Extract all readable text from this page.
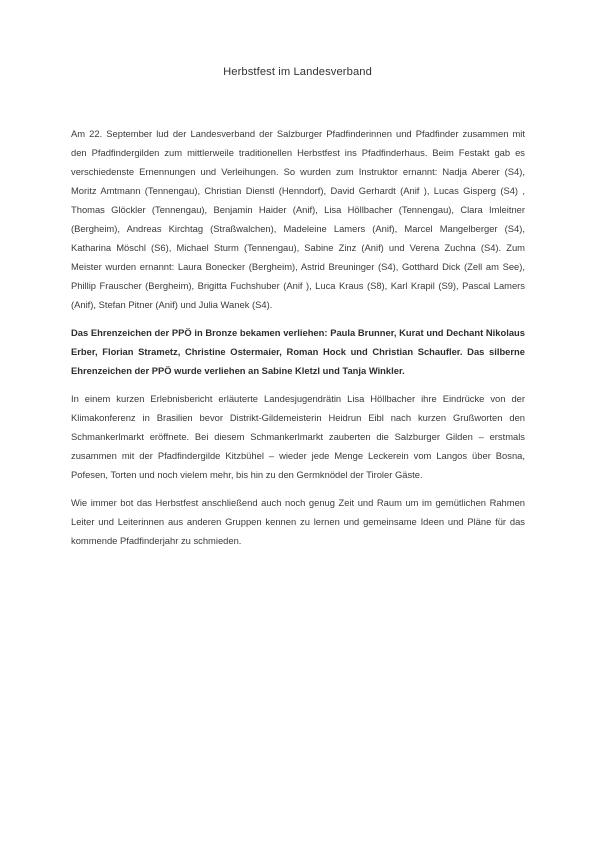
Herbstfest im Landesverband

Am 22. September lud der Landesverband der Salzburger Pfadfinderinnen und Pfadfinder zusammen mit den Pfadfindergilden zum mittlerweile traditionellen Herbstfest ins Pfadfinderhaus. Beim Festakt gab es verschiedenste Ernennungen und Verleihungen. So wurden zum Instruktor ernannt: Nadja Aberer (S4), Moritz Amtmann (Tennengau), Christian Dienstl (Henndorf), David Gerhardt (Anif ), Lucas Gisperg (S4) , Thomas Glöckler (Tennengau), Benjamin Haider (Anif), Lisa Höllbacher (Tennengau), Clara Imleitner (Bergheim), Andreas Kirchtag (Straßwalchen), Madeleine Lamers (Anif), Marcel Mangelberger (S4), Katharina Möschl (S6), Michael Sturm (Tennengau), Sabine Zinz (Anif) und Verena Zuchna (S4). Zum Meister wurden ernannt: Laura Bonecker (Bergheim), Astrid Breuninger (S4), Gotthard Dick (Zell am See), Phillip Frauscher (Bergheim), Brigitta Fuchshuber (Anif ), Luca Kraus (S8), Karl Krapil (S9), Pascal Lamers (Anif), Stefan Pitner (Anif) und Julia Wanek (S4).

Das Ehrenzeichen der PPÖ in Bronze bekamen verliehen: Paula Brunner, Kurat und Dechant Nikolaus Erber, Florian Strametz, Christine Ostermaier, Roman Hock und Christian Schaufler. Das silberne Ehrenzeichen der PPÖ wurde verliehen an Sabine Kletzl und Tanja Winkler.

In einem kurzen Erlebnisbericht erläuterte Landesjugendrätin Lisa Höllbacher ihre Eindrücke von der Klimakonferenz in Brasilien bevor Distrikt-Gildemeisterin Heidrun Eibl nach kurzen Grußworten den Schmankerlmarkt eröffnete. Bei diesem Schmankerlmarkt zauberten die Salzburger Gilden – erstmals zusammen mit der Pfadfindergilde Kitzbühel – wieder jede Menge Leckerein vom Langos über Bosna, Pofesen, Torten und noch vielem mehr, bis hin zu den Germknödel der Tiroler Gäste.

Wie immer bot das Herbstfest anschließend auch noch genug Zeit und Raum um im gemütlichen Rahmen Leiter und Leiterinnen aus anderen Gruppen kennen zu lernen und gemeinsame Ideen und Pläne für das kommende Pfadfinderjahr zu schmieden.
